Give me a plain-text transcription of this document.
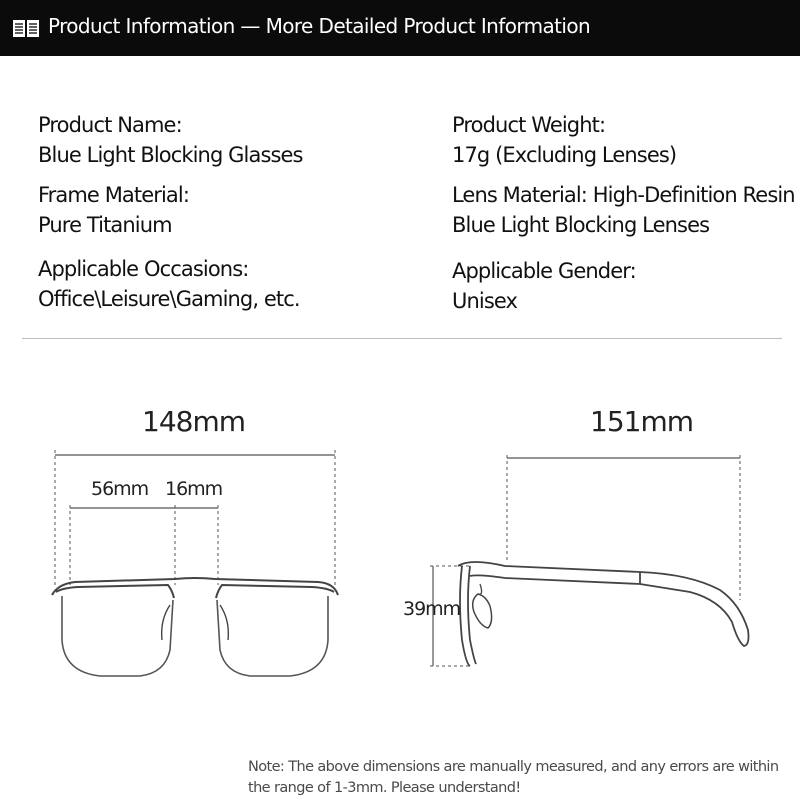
Product Information — More Detailed Product Information
Product Name:
Blue Light Blocking Glasses
Frame Material:
Pure Titanium
Applicable Occasions:
Office\Leisure\Gaming, etc.
Product Weight:
17g (Excluding Lenses)
Lens Material: High-Definition Resin
Blue Light Blocking Lenses
Applicable Gender:
Unisex
148mm
56mm 16mm
151mm
39mm
Note: The above dimensions are manually measured, and any errors are within
the range of 1-3mm. Please understand!
